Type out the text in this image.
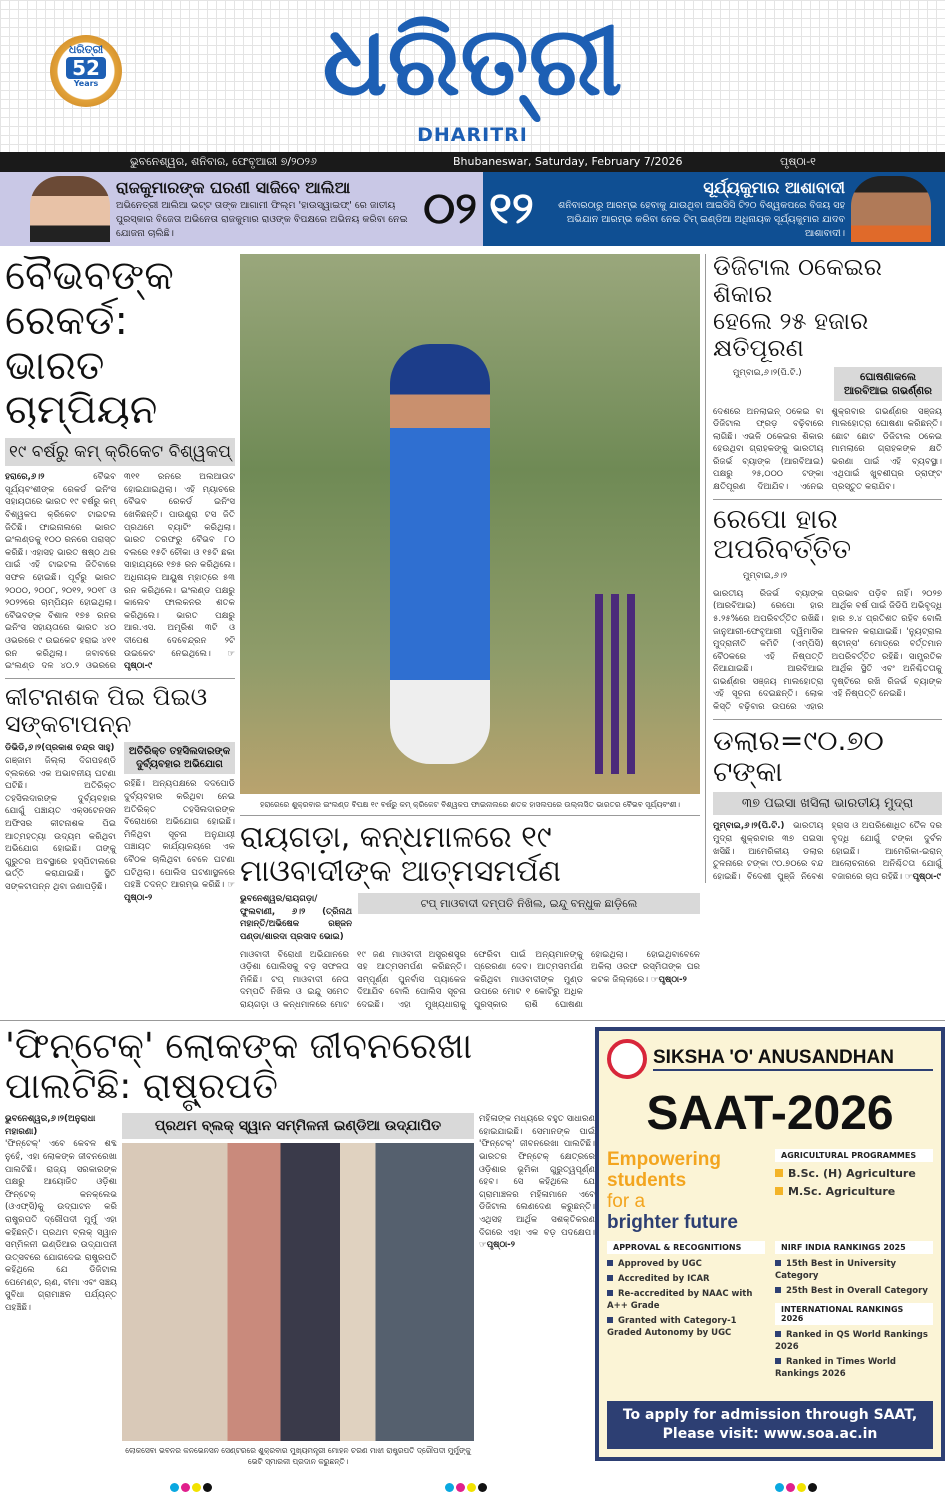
ଧରିତ୍ରୀ
52
Years	ଧରିତ୍ରୀ
DHARITRI
ଭୁବନେଶ୍ୱର, ଶନିବାର, ଫେବୃଆରୀ ୭/୨୦୨୬	Bhubaneswar, Saturday, February 7/2026	ପୃଷ୍ଠା-୧
ରାଜକୁମାରଙ୍କ ଘରଣୀ ସାଜିବେ ଆଲିଆ
ଅଭିନେତ୍ରୀ ଆଲିଆ ଭଟ୍ଟ ତାଙ୍କ ଆଗାମୀ ଫିଲ୍ମ 'ହାଉସ୍‌ୱାଇଫ୍' ରେ ଜାତୀୟ ପୁରସ୍କାର ବିଜେତା ଅଭିନେତା ରାଜକୁମାର ରାଓଙ୍କ ବିପକ୍ଷରେ ଅଭିନୟ କରିବା ନେଇ ଯୋଜନା ଚାଲିଛି।	୦୨ ୧୨	ସୂର୍ଯ୍ୟକୁମାର ଆଶାବାଦୀ
ଶନିବାରଠାରୁ ଆରମ୍ଭ ହେବାକୁ ଯାଉଥିବା ଆଇସିସି ଟି୨୦ ବିଶ୍ୱକପରେ ବିଜୟ ସହ ଅଭିଯାନ ଆରମ୍ଭ କରିବା ନେଇ ଟିମ୍ ଇଣ୍ଡିଆ ଅଧିନାୟକ ସୂର୍ଯ୍ୟକୁମାର ଯାଦବ ଆଶାବାଦୀ।
ବୈଭବଙ୍କ ରେକର୍ଡ:
ଭାରତ ଚାମ୍ପିୟନ
୧୯ ବର୍ଷରୁ କମ୍ କ୍ରିକେଟ ବିଶ୍ୱକପ୍
ହରାରେ,୬।୨	ବୈଭବ ସୂର୍ଯ୍ୟବଂଶୀଙ୍କ ରେକର୍ଡ ଇନିଂସ ସହାୟତାରେ ଭାରତ ୧୯ ବର୍ଷରୁ କମ୍ ବିଶ୍ୱକପ କ୍ରିକେଟ ଟାଇଟଲ ଜିତିଛି। ଫାଇନାଲରେ ଭାରତ ଇଂଲଣ୍ଡକୁ ୧୦୦ ରନରେ ପରାସ୍ତ କରିଛି। ଏହାସହ ଭାରତ ଷଷ୍ଠ ଥର ପାଇଁ ଏହି ଟାଇଟଲ ଜିତିବାରେ ସଫଳ ହୋଇଛି। ପୂର୍ବରୁ ଭାରତ ୨୦୦୦, ୨୦୦୮, ୨୦୧୨, ୨୦୧୮ ଓ ୨୦୨୨ରେ ଚାମ୍ପିୟନ ହୋଇଥିଲା। ବୈଭବଙ୍କ ବିଶାଳ ୧୭୫ ରନର ଇନିଂସ ସହାୟତାରେ ଭାରତ ୪୦ ଓଭରରେ ୯ ଉଇକେଟ ହରାଇ ୪୧୧ ରନ କରିଥିଲା। ଜବାବରେ ଇଂଲଣ୍ଡ ଦଳ ୪୦.୨ ଓଭରରେ ୩୧୧ ରନରେ ଅଲଆଉଟ ହୋଇଯାଇଥିଲା। ଏହି ମ୍ୟାଚରେ ବୈଭବ ରେକର୍ଡ ଇନିଂସ ଖେଳିଛନ୍ତି। ପାଉଣ୍ଡ୍ରା ଟସ ଜିତି ପ୍ରଥମେ ବ୍ୟାଟିଂ କରିଥିଲା। ଭାରତ ତରଫରୁ ବୈଭବ ୮୦ ବଲରେ ୧୫ଟି ଚୌକା ଓ ୧୫ଟି ଛକା ସାହାଯ୍ୟରେ ୧୭୫ ରନ କରିଥିଲେ। ଅଧିନାୟକ ଆୟୁଷ ମ୍ହାତ୍ରେ ୫୩ ରନ କରିଥିଲେ। ଇଂଲଣ୍ଡ ପକ୍ଷରୁ କାଲେବ ଫାଲକନର ଶତକ କରିଥିଲେ। ଭାରତ ପକ୍ଷରୁ ଆର.ଏସ. ଅମ୍ବ୍ରିଶ ୩ଟି ଓ ଦୀପେଶ ଦେବେନ୍ଦ୍ରନ ୨ଟି ଉଇକେଟ ନେଇଥିଲେ। ☞ପୃଷ୍ଠା-୯
କୀଟନାଶକ ପିଇ ପିଇଓ ସଙ୍କଟାପନ୍ନ
ଡିଭିଡି,୬।୨(ପ୍ରକାଶ ଚନ୍ଦ୍ର ସାହୁ)
ଗଞ୍ଜାମ ଜିଲ୍ଲା ଦିଗପହଣ୍ଡି ବ୍ଲକରେ ଏକ ଅଭାବନୀୟ ଘଟଣା ଘଟିଛି। ଅତିରିକ୍ତ ତହସିଲଦାରଙ୍କ ଦୁର୍ବ୍ୟବହାର ଯୋଗୁଁ ପଞ୍ଚାୟତ ଏକ୍ସଟେନସନ ଅଫିସର କୀଟନାଶକ ପିଇ ଆତ୍ମହତ୍ୟା ଉଦ୍ୟମ କରିଥିବା ଅଭିଯୋଗ ହୋଇଛି। ତାଙ୍କୁ ଗୁରୁତର ଅବସ୍ଥାରେ ହସ୍ପିଟାଲରେ ଭର୍ତ୍ତି କରାଯାଇଛି। ସ୍ଥିତି ସଙ୍କଟାପନ୍ନ ଥିବା ଜଣାପଡ଼ିଛି।
ଅତିରିକ୍ତ ତହସିଲଦାରଙ୍କ ଦୁର୍ବ୍ୟବହାର ଅଭିଯୋଗ
ରହିଛି। ଅନ୍ୟପକ୍ଷରେ ଦଦପୋଡି ଦୁର୍ବ୍ୟବହାର କରିଥିବା ନେଇ ଅତିରିକ୍ତ ତହସିଲଦାରଙ୍କ ବିରୋଧରେ ଅଭିଯୋଗ ହୋଇଛି। ମିଳିଥିବା ସୂଚନା ଅନୁଯାୟୀ ପଞ୍ଚାୟତ କାର୍ଯ୍ୟାଳୟରେ ଏକ ବୈଠକ ଚାଲିଥିବା ବେଳେ ଘଟଣା ଘଟିଥିଲା। ପୋଲିସ ଘଟଣାସ୍ଥଳରେ ପହଞ୍ଚି ତଦନ୍ତ ଆରମ୍ଭ କରିଛି। ☞ପୃଷ୍ଠା-୨
ହରାରେରେ ଶୁକ୍ରବାର ଇଂଲଣ୍ଡ ବିପକ୍ଷ ୧୯ ବର୍ଷରୁ କମ୍ କ୍ରିକେଟ ବିଶ୍ୱକପ ଫାଇନାଲରେ ଶତକ ହାସଲପରେ ଉଲ୍ଲସିତ ଭାରତର ବୈଭବ ସୂର୍ଯ୍ୟବଂଶୀ।
ରାୟଗଡ଼ା, କନ୍ଧମାଳରେ ୧୯ ମାଓବାଦୀଙ୍କ ଆତ୍ମସମର୍ପଣ
ଭୁବନେଶ୍ୱର/ରାୟଗଡ଼ା/ଫୁଲବାଣୀ, ୬।୨ (ତ୍ରିନାଥ ମହାନ୍ତି/ଅଭିଷେକ ରଞ୍ଜନ ପଣ୍ଡା/ଶାରଦା ପ୍ରସାଦ ଭୋଇ)
ଟପ୍ ମାଓବାଦୀ ଦମ୍ପତି ନିଖିଲ, ଇନ୍ଦୁ ବନ୍ଧୁକ ଛାଡ଼ିଲେ
ମାଓବାଦୀ ବିରୋଧୀ ଅଭିଯାନରେ ଓଡ଼ିଶା ପୋଲିସକୁ ବଡ଼ ସଫଳତା ମିଳିଛି। ଟପ୍ ମାଓବାଦୀ ନେତା ଦମ୍ପତି ନିଖିଲ ଓ ଇନ୍ଦୁ ସମେତ ରାୟଗଡ଼ା ଓ କନ୍ଧମାଳରେ ମୋଟ ୧୯ ଜଣ ମାଓବାଦୀ ଅସ୍ତ୍ରଶସ୍ତ୍ର ସହ ଆତ୍ମସମର୍ପଣ କରିଛନ୍ତି। ସମ୍ପୂର୍ଣ୍ଣ ପୁନର୍ବାସ ପ୍ୟାକେଜ ଦିଆଯିବ ବୋଲି ପୋଲିସ ସୂଚନା ଦେଇଛି। ଏହା ମୁଖ୍ୟଧାରାକୁ ଫେରିବା ପାଇଁ ଅନ୍ୟମାନଙ୍କୁ ପ୍ରେରଣା ଦେବ। ଆତ୍ମସମର୍ପଣ କରିଥିବା ମାଓବାଦୀଙ୍କ ମୁଣ୍ଡ ଉପରେ ମୋଟ ୧ କୋଟିରୁ ଅଧିକ ପୁରସ୍କାର ରାଶି ଘୋଷଣା ହୋଇଥିଲା। ହୋଇଥିବାବେଳେ ଅକିଲା ଓରଫ ରସ୍ମିତାଙ୍କ ଘର କଟକ ଜିଲ୍ଲାରେ। ☞ପୃଷ୍ଠା-୨
ଡିଜିଟାଲ ଠକେଇର ଶିକାର
ହେଲେ ୨୫ ହଜାର କ୍ଷତିପୂରଣ
ମୁମ୍ବାଇ,୬।୨(ପି.ଟି.)	ଘୋଷଣାକଲେ ଆରବିଆଇ ଗଭର୍ଣ୍ଣର
ଦେଶରେ ଅନଲାଇନ୍ ଠକେଇ ବା ଡିଜିଟାଲ ଫ୍ରଡ଼ ବଢ଼ିବାରେ ଲାଗିଛି। ଏଭଳି ଠକେଇର ଶିକାର ହେଉଥିବା ଗ୍ରାହକଙ୍କୁ ଭାରତୀୟ ରିଜର୍ଭ ବ୍ୟାଙ୍କ (ଆରବିଆଇ) ପକ୍ଷରୁ ୨୫,୦୦୦ ଟଙ୍କା କ୍ଷତିପୂରଣ ଦିଆଯିବ। ଏନେଇ ଶୁକ୍ରବାର ଗଭର୍ଣ୍ଣର ସଞ୍ଜୟ ମାଲହୋତ୍ରା ଘୋଷଣା କରିଛନ୍ତି। ଛୋଟ ଛୋଟ ଡିଜିଟାଲ ଠକେଇ ମାମଲାରେ ଗ୍ରାହକଙ୍କ କ୍ଷତି ଭରଣା ପାଇଁ ଏହି ବ୍ୟବସ୍ଥା। ଏଥିପାଇଁ ଖୁବଶୀଘ୍ର ଡ୍ରାଫ୍ଟ ପ୍ରସ୍ତୁତ କରାଯିବ।
ରେପୋ ହାର ଅପରିବର୍ତ୍ତିତ
ମୁମ୍ବାଇ,୬।୨
ଭାରତୀୟ ରିଜର୍ଭ ବ୍ୟାଙ୍କ (ଆରବିଆଇ) ରେପୋ ହାର ୫.୨୫%ରେ ଅପରିବର୍ତ୍ତିତ ରଖିଛି। ଜାନୁଆରୀ-ଫେବୃଆରୀ ଦ୍ୱିମାସିକ ମୁଦ୍ରାନୀତି କମିଟି (ଏମ୍‌ପିସି) ବୈଠକରେ ଏହି ନିଷ୍ପତ୍ତି ନିଆଯାଇଛି। ଆରବିଆଇ ଗଭର୍ଣ୍ଣର ସଞ୍ଜୟ ମାଲହୋତ୍ରା ଏହି ସୂଚନା ଦେଇଛନ୍ତି। ଲୋକ କିସ୍ତି ବଢ଼ିବାର ଉପରେ ଏହାର ପ୍ରଭାବ ପଡ଼ିବ ନାହିଁ। ୨୦୨୭ ଆର୍ଥିକ ବର୍ଷ ପାଇଁ ଜିଡିପି ଅଭିବୃଦ୍ଧି ହାର ୭.୪ ପ୍ରତିଶତ ରହିବ ବୋଲି ଆକଳନ କରାଯାଇଛି। 'ନ୍ୟୁଟ୍ରାଲ ଷ୍ଟାନ୍ସ' ମୋଡ୍‌ରେ ବର୍ତ୍ତମାନ ଅପରିବର୍ତ୍ତିତ ରହିଛି। ସାମ୍ପ୍ରତିକ ଆର୍ଥିକ ସ୍ଥିତି ଏବଂ ଅନିଶ୍ଚିତତାକୁ ଦୃଷ୍ଟିରେ ରଖି ରିଜର୍ଭ ବ୍ୟାଙ୍କ ଏହି ନିଷ୍ପତ୍ତି ନେଇଛି।
ଡଲାର=୯୦.୭୦ ଟଙ୍କା
୩୭ ପଇସା ଖସିଲା ଭାରତୀୟ ମୁଦ୍ରା
ମୁମ୍ବାଇ,୬।୨(ପି.ଟି.) ଭାରତୀୟ ମୁଦ୍ରା ଶୁକ୍ରବାର ୩୭ ପଇସା ଖସିଛି। ଆମେରିକୀୟ ଡଲାର ତୁଳନାରେ ଟଙ୍କା ୯୦.୭୦ରେ ବନ୍ଦ ହୋଇଛି। ବିଦେଶୀ ପୁଞ୍ଜି ନିବେଶ ହ୍ରାସ ଓ ଅପରିଶୋଧିତ ତୈଳ ଦର ବୃଦ୍ଧି ଯୋଗୁଁ ଟଙ୍କା ଦୁର୍ବଳ ହୋଇଛି। ଆମେରିକା-ଇରାନ୍ ଆଲୋଚନାରେ ଅନିଶ୍ଚିତତା ଯୋଗୁଁ ବଜାରରେ ଚାପ ରହିଛି। ☞ପୃଷ୍ଠା-୯
'ଫିନ୍‌ଟେକ୍' ଲୋକଙ୍କ ଜୀବନରେଖା ପାଲଟିଛି: ରାଷ୍ଟ୍ରପତି
ଭୁବନେଶ୍ୱର,୬।୨(ଅନୁରାଧା ମହାରଣା)
'ଫିନ୍‌ଟେକ୍' ଏବେ କେବଳ ଶବ୍ଦ ନୁହେଁ, ଏହା ଲୋକଙ୍କ ଜୀବନରେଖା ପାଲଟିଛି। ରାଜ୍ୟ ସରକାରଙ୍କ ପକ୍ଷରୁ ଆୟୋଜିତ ଓଡ଼ିଶା ଫିନ୍‌ଟେକ୍ କନକ୍ଲେଭ (ଓଏଫ୍‌ସି)କୁ ଉଦ୍‌ଘାଟନ କରି ରାଷ୍ଟ୍ରପତି ଦ୍ରୌପଦୀ ମୁର୍ମୁ ଏହା କହିଛନ୍ତି। ପ୍ରଥମ ବ୍ଲକ୍ ସ୍ୱାନ ସମ୍ମିଳନୀ ଇଣ୍ଡିଆର ଉଦ୍‌ଯାପନୀ ଉତ୍ସବରେ ଯୋଗଦେଇ ରାଷ୍ଟ୍ରପତି କହିଥିଲେ ଯେ ଡିଜିଟାଲ ପେମେଣ୍ଟ, ଋଣ, ବୀମା ଏବଂ ସଞ୍ଚୟ ସୁବିଧା ଗ୍ରାମାଞ୍ଚଳ ପର୍ଯ୍ୟନ୍ତ ପହଞ୍ଚିଛି।
ପ୍ରଥମ ବ୍ଲକ୍ ସ୍ୱାନ ସମ୍ମିଳନୀ ଇଣ୍ଡିଆ ଉଦ୍‌ଯାପିତ
ଲୋକସେବା ଭବନର କନଭେନସନ ସେଣ୍ଟରରେ ଶୁକ୍ରବାର ମୁଖ୍ୟମନ୍ତ୍ରୀ ମୋହନ ଚରଣ ମାଝୀ ରାଷ୍ଟ୍ରପତି ଦ୍ରୌପଦୀ ମୁର୍ମୁଙ୍କୁ ଭେଟି ସ୍ମାରକୀ ପ୍ରଦାନ କରୁଛନ୍ତି।
ମହିଳାଙ୍କ ମଧ୍ୟରେ ବହୁତ ସାଧାରଣ ହୋଇଯାଇଛି। ସେମାନଙ୍କ ପାଇଁ 'ଫିନ୍‌ଟେକ୍' ଜୀବନରେଖା ପାଲଟିଛି। ଭାରତର ଫିନ୍‌ଟେକ୍ କ୍ଷେତ୍ରରେ ଓଡ଼ିଶାର ଭୂମିକା ଗୁରୁତ୍ୱପୂର୍ଣ୍ଣ ହେବ। ସେ କହିଥିଲେ ଯେ ଗ୍ରାମାଞ୍ଚଳର ମହିଳାମାନେ ଏବେ ଡିଜିଟାଲ ଲେଣଦେଣ କରୁଛନ୍ତି। ଏଥିସହ ଆର୍ଥିକ ସଶକ୍ତିକରଣ ଦିଗରେ ଏହା ଏକ ବଡ଼ ପଦକ୍ଷେପ। ☞ପୃଷ୍ଠା-୨
SIKSHA 'O' ANUSANDHAN
SAAT-2026
Empowering
students
for a
brighter future
AGRICULTURAL PROGRAMMES
B.Sc. (H) Agriculture
M.Sc. Agriculture
APPROVAL & RECOGNITIONS
Approved by UGC
Accredited by ICAR
Re-accredited by NAAC with A++ Grade
Granted with Category-1 Graded Autonomy by UGC
NIRF INDIA RANKINGS 2025
15th Best in University Category
25th Best in Overall Category
INTERNATIONAL RANKINGS 2026
Ranked in QS World Rankings 2026
Ranked in Times World Rankings 2026
To apply for admission through SAAT,
Please visit: www.soa.ac.in
